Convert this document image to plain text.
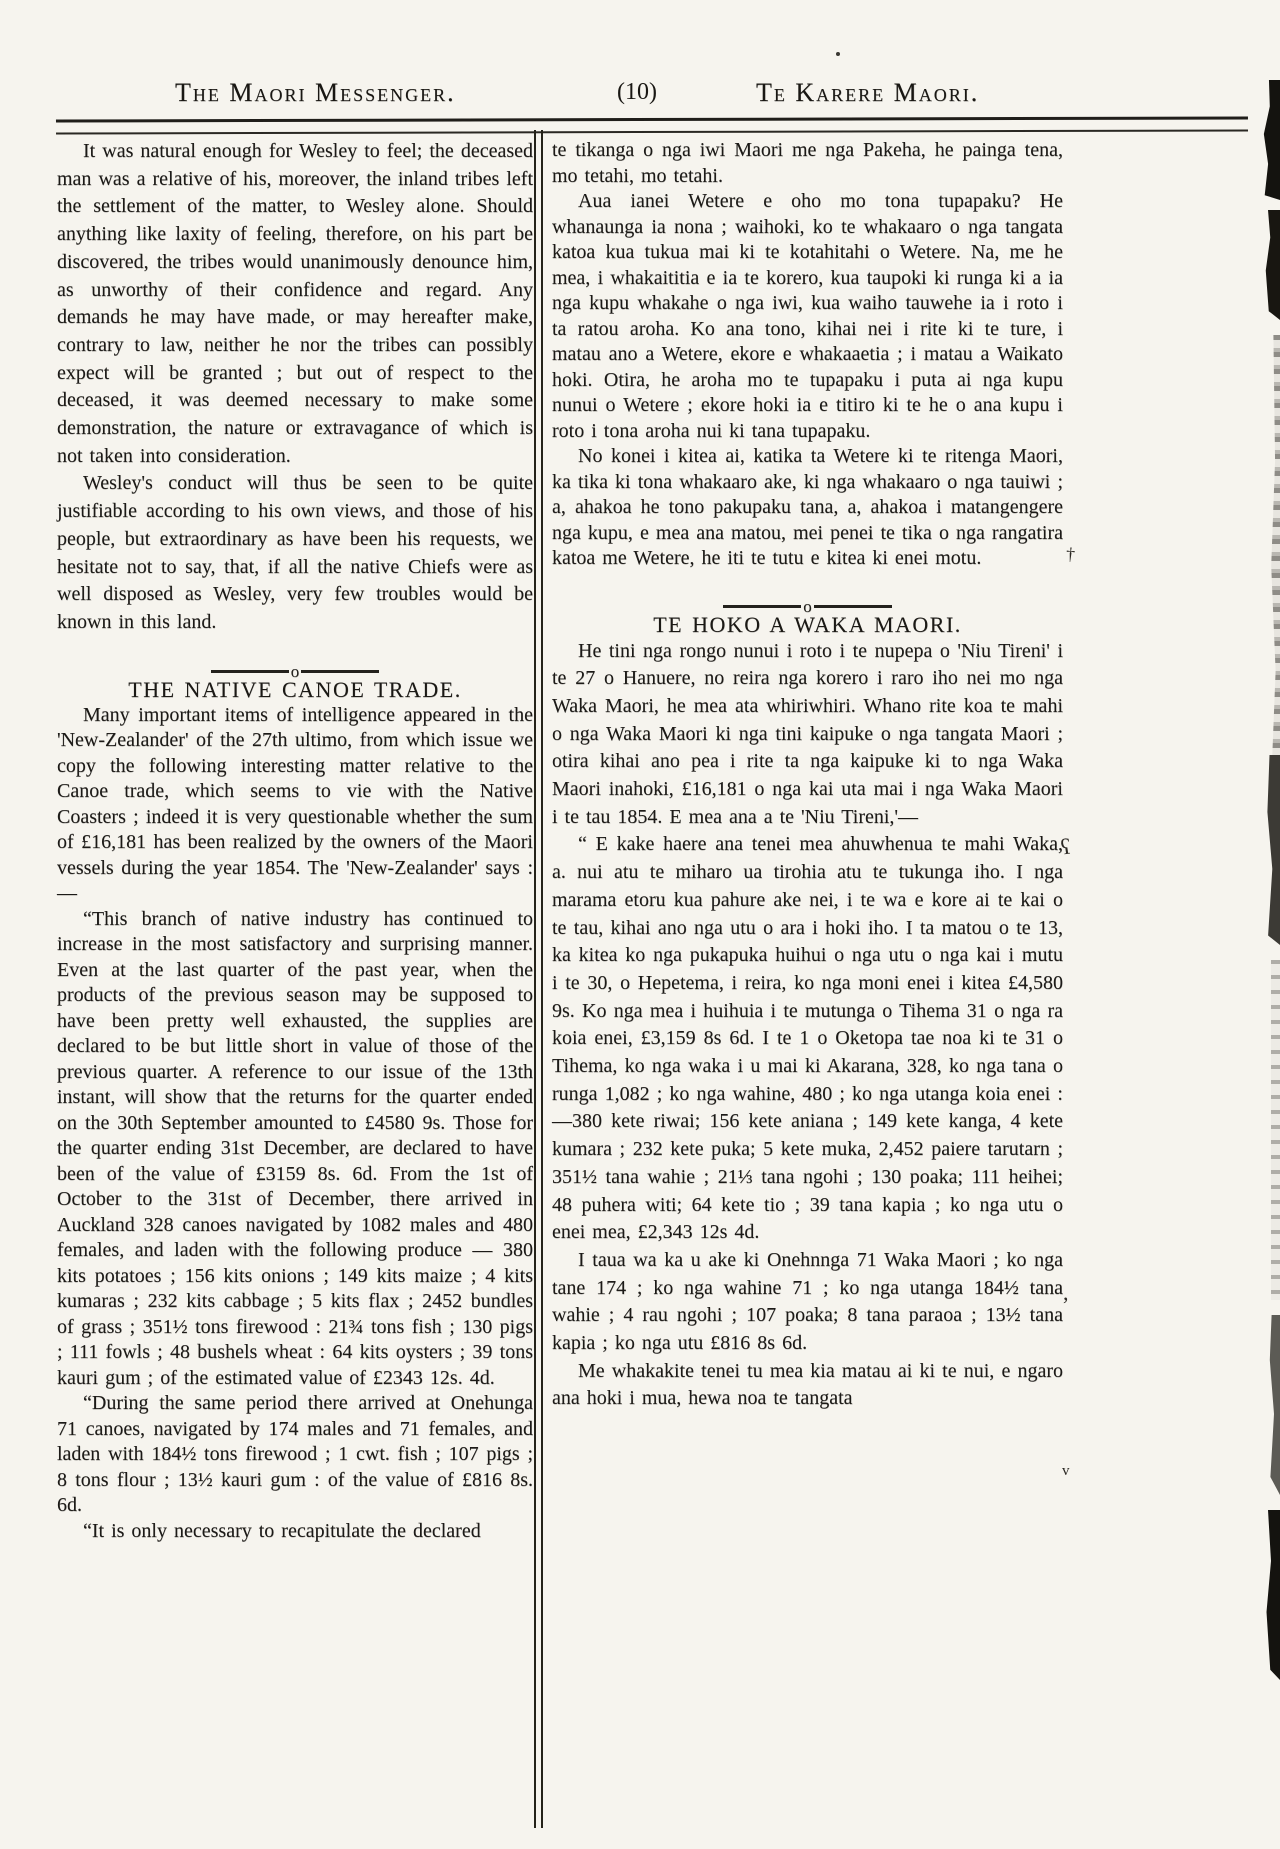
The Maori Messenger.	(10)	Te Karere Maori.

It was natural enough for Wesley to feel; the deceased man was a relative of his, moreover, the inland tribes left the settlement of the matter, to Wesley alone. Should anything like laxity of feeling, therefore, on his part be discovered, the tribes would unanimously denounce him, as unworthy of their confidence and regard. Any demands he may have made, or may hereafter make, contrary to law, neither he nor the tribes can possibly expect will be granted ; but out of respect to the deceased, it was deemed necessary to make some demonstration, the nature or extravagance of which is not taken into consideration.

Wesley's conduct will thus be seen to be quite justifiable according to his own views, and those of his people, but extraordinary as have been his requests, we hesitate not to say, that, if all the native Chiefs were as well disposed as Wesley, very few troubles would be known in this land.

o

THE NATIVE CANOE TRADE.

Many important items of intelligence appeared in the 'New-Zealander' of the 27th ultimo, from which issue we copy the following interesting matter relative to the Canoe trade, which seems to vie with the Native Coasters ; indeed it is very questionable whether the sum of £16,181 has been realized by the owners of the Maori vessels during the year 1854. The 'New-Zealander' says :—

“This branch of native industry has continued to increase in the most satisfactory and surprising manner. Even at the last quarter of the past year, when the products of the previous season may be supposed to have been pretty well exhausted, the supplies are declared to be but little short in value of those of the previous quarter. A reference to our issue of the 13th instant, will show that the returns for the quarter ended on the 30th September amounted to £4580 9s. Those for the quarter ending 31st December, are declared to have been of the value of £3159 8s. 6d. From the 1st of October to the 31st of December, there arrived in Auckland 328 canoes navigated by 1082 males and 480 females, and laden with the following produce — 380 kits potatoes ; 156 kits onions ; 149 kits maize ; 4 kits kumaras ; 232 kits cabbage ; 5 kits flax ; 2452 bundles of grass ; 351½ tons firewood : 21¾ tons fish ; 130 pigs ; 111 fowls ; 48 bushels wheat : 64 kits oysters ; 39 tons kauri gum ; of the estimated value of £2343 12s. 4d.

“During the same period there arrived at Onehunga 71 canoes, navigated by 174 males and 71 females, and laden with 184½ tons firewood ; 1 cwt. fish ; 107 pigs ; 8 tons flour ; 13½ kauri gum : of the value of £816 8s. 6d.

“It is only necessary to recapitulate the declared

te tikanga o nga iwi Maori me nga Pakeha, he painga tena, mo tetahi, mo tetahi.

Aua ianei Wetere e oho mo tona tupapaku? He whanaunga ia nona ; waihoki, ko te whakaaro o nga tangata katoa kua tukua mai ki te kotahitahi o Wetere. Na, me he mea, i whakaititia e ia te korero, kua taupoki ki runga ki a ia nga kupu whakahe o nga iwi, kua waiho tauwehe ia i roto i ta ratou aroha. Ko ana tono, kihai nei i rite ki te ture, i matau ano a Wetere, ekore e whakaaetia ; i matau a Waikato hoki. Otira, he aroha mo te tupapaku i puta ai nga kupu nunui o Wetere ; ekore hoki ia e titiro ki te he o ana kupu i roto i tona aroha nui ki tana tupapaku.

No konei i kitea ai, katika ta Wetere ki te ritenga Maori, ka tika ki tona whakaaro ake, ki nga whakaaro o nga tauiwi ; a, ahakoa he tono pakupaku tana, a, ahakoa i matangengere nga kupu, e mea ana matou, mei penei te tika o nga rangatira katoa me Wetere, he iti te tutu e kitea ki enei motu.

o

TE HOKO A WAKA MAORI.

He tini nga rongo nunui i roto i te nupepa o 'Niu Tireni' i te 27 o Hanuere, no reira nga korero i raro iho nei mo nga Waka Maori, he mea ata whiriwhiri. Whano rite koa te mahi o nga Waka Maori ki nga tini kaipuke o nga tangata Maori ; otira kihai ano pea i rite ta nga kaipuke ki to nga Waka Maori inahoki, £16,181 o nga kai uta mai i nga Waka Maori i te tau 1854. E mea ana a te 'Niu Tireni,'—

“ E kake haere ana tenei mea ahuwhenua te mahi Waka, a. nui atu te miharo ua tirohia atu te tukunga iho. I nga marama etoru kua pahure ake nei, i te wa e kore ai te kai o te tau, kihai ano nga utu o ara i hoki iho. I ta matou o te 13, ka kitea ko nga pukapuka huihui o nga utu o nga kai i mutu i te 30, o Hepetema, i reira, ko nga moni enei i kitea £4,580 9s. Ko nga mea i huihuia i te mutunga o Tihema 31 o nga ra koia enei, £3,159 8s 6d. I te 1 o Oketopa tae noa ki te 31 o Tihema, ko nga waka i u mai ki Akarana, 328, ko nga tana o runga 1,082 ; ko nga wahine, 480 ; ko nga utanga koia enei :—380 kete riwai; 156 kete aniana ; 149 kete kanga, 4 kete kumara ; 232 kete puka; 5 kete muka, 2,452 paiere tarutarn ; 351½ tana wahie ; 21⅓ tana ngohi ; 130 poaka; 111 heihei; 48 puhera witi; 64 kete tio ; 39 tana kapia ; ko nga utu o enei mea, £2,343 12s 4d.

I taua wa ka u ake ki Onehnnga 71 Waka Maori ; ko nga tane 174 ; ko nga wahine 71 ; ko nga utanga 184½ tana wahie ; 4 rau ngohi ; 107 poaka; 8 tana paraoa ; 13½ tana kapia ; ko nga utu £816 8s 6d.

Me whakakite tenei tu mea kia matau ai ki te nui, e ngaro ana hoki i mua, hewa noa te tangata

†
ʕ
,
v
